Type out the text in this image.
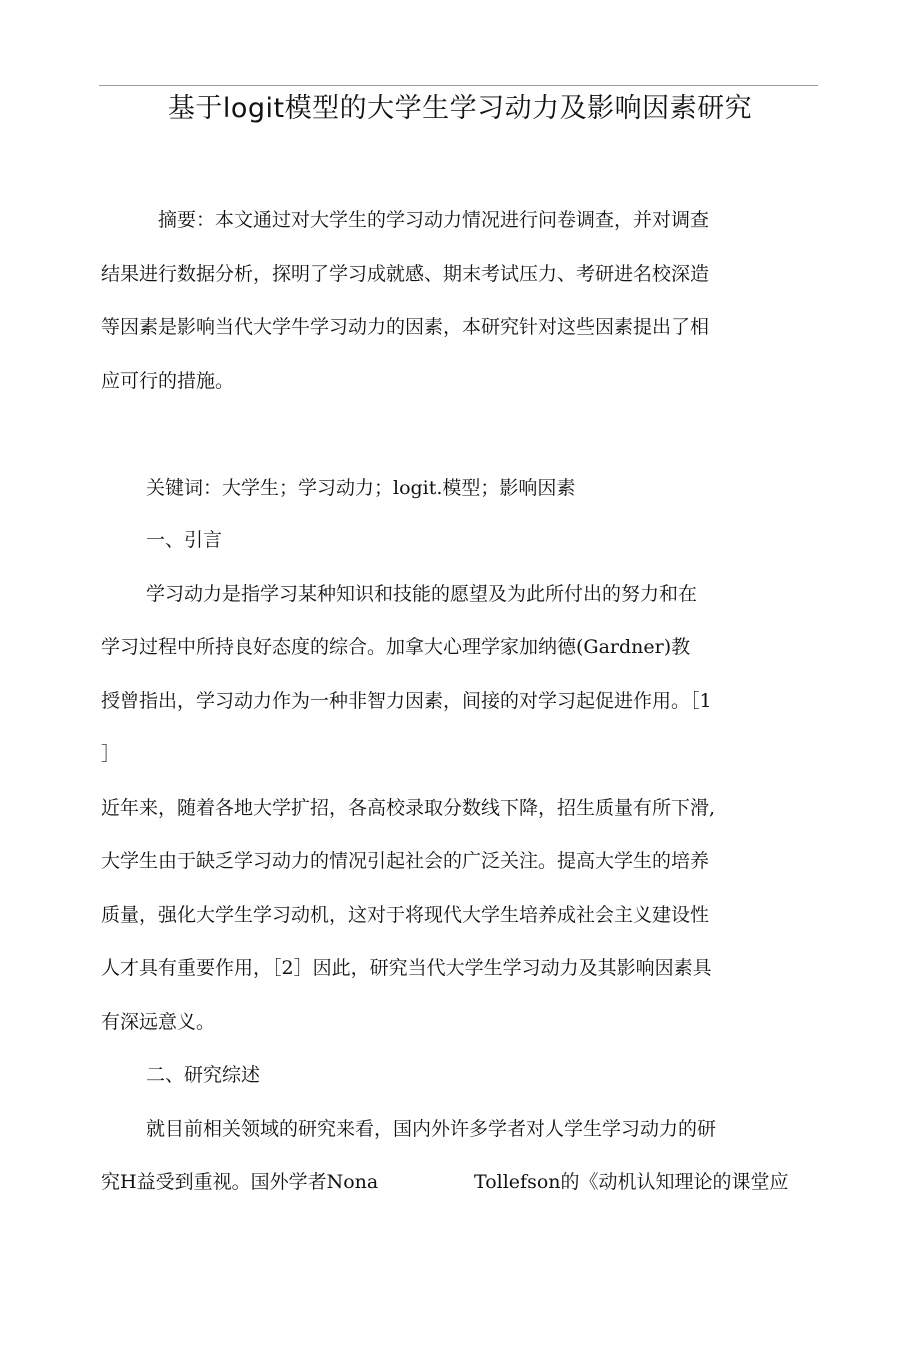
基于logit模型的大学生学习动力及影响因素研究
摘要：本文通过对大学生的学习动力情况进行问卷调查，并对调查
结果进行数据分析，探明了学习成就感、期末考试压力、考研进名校深造
等因素是影响当代大学牛学习动力的因素，本研究针对这些因素提出了相
应可行的措施。
关键词：大学生；学习动力；logit.模型；影响因素
一、引言
学习动力是指学习某种知识和技能的愿望及为此所付出的努力和在
学习过程中所持良好态度的综合。加拿大心理学家加纳德(Gardner)教
授曾指出，学习动力作为一种非智力因素，间接的对学习起促进作用。［1
］
近年来，随着各地大学扩招，各高校录取分数线下降，招生质量有所下滑,
大学生由于缺乏学习动力的情况引起社会的广泛关注。提高大学生的培养
质量，强化大学生学习动机，这对于将现代大学生培养成社会主义建设性
人才具有重要作用，［2］因此，研究当代大学生学习动力及其影响因素具
有深远意义。
二、研究综述
就目前相关领域的研究来看，国内外许多学者对人学生学习动力的研
究H益受到重视。国外学者Nona	Tollefson的《动机认知理论的课堂应
